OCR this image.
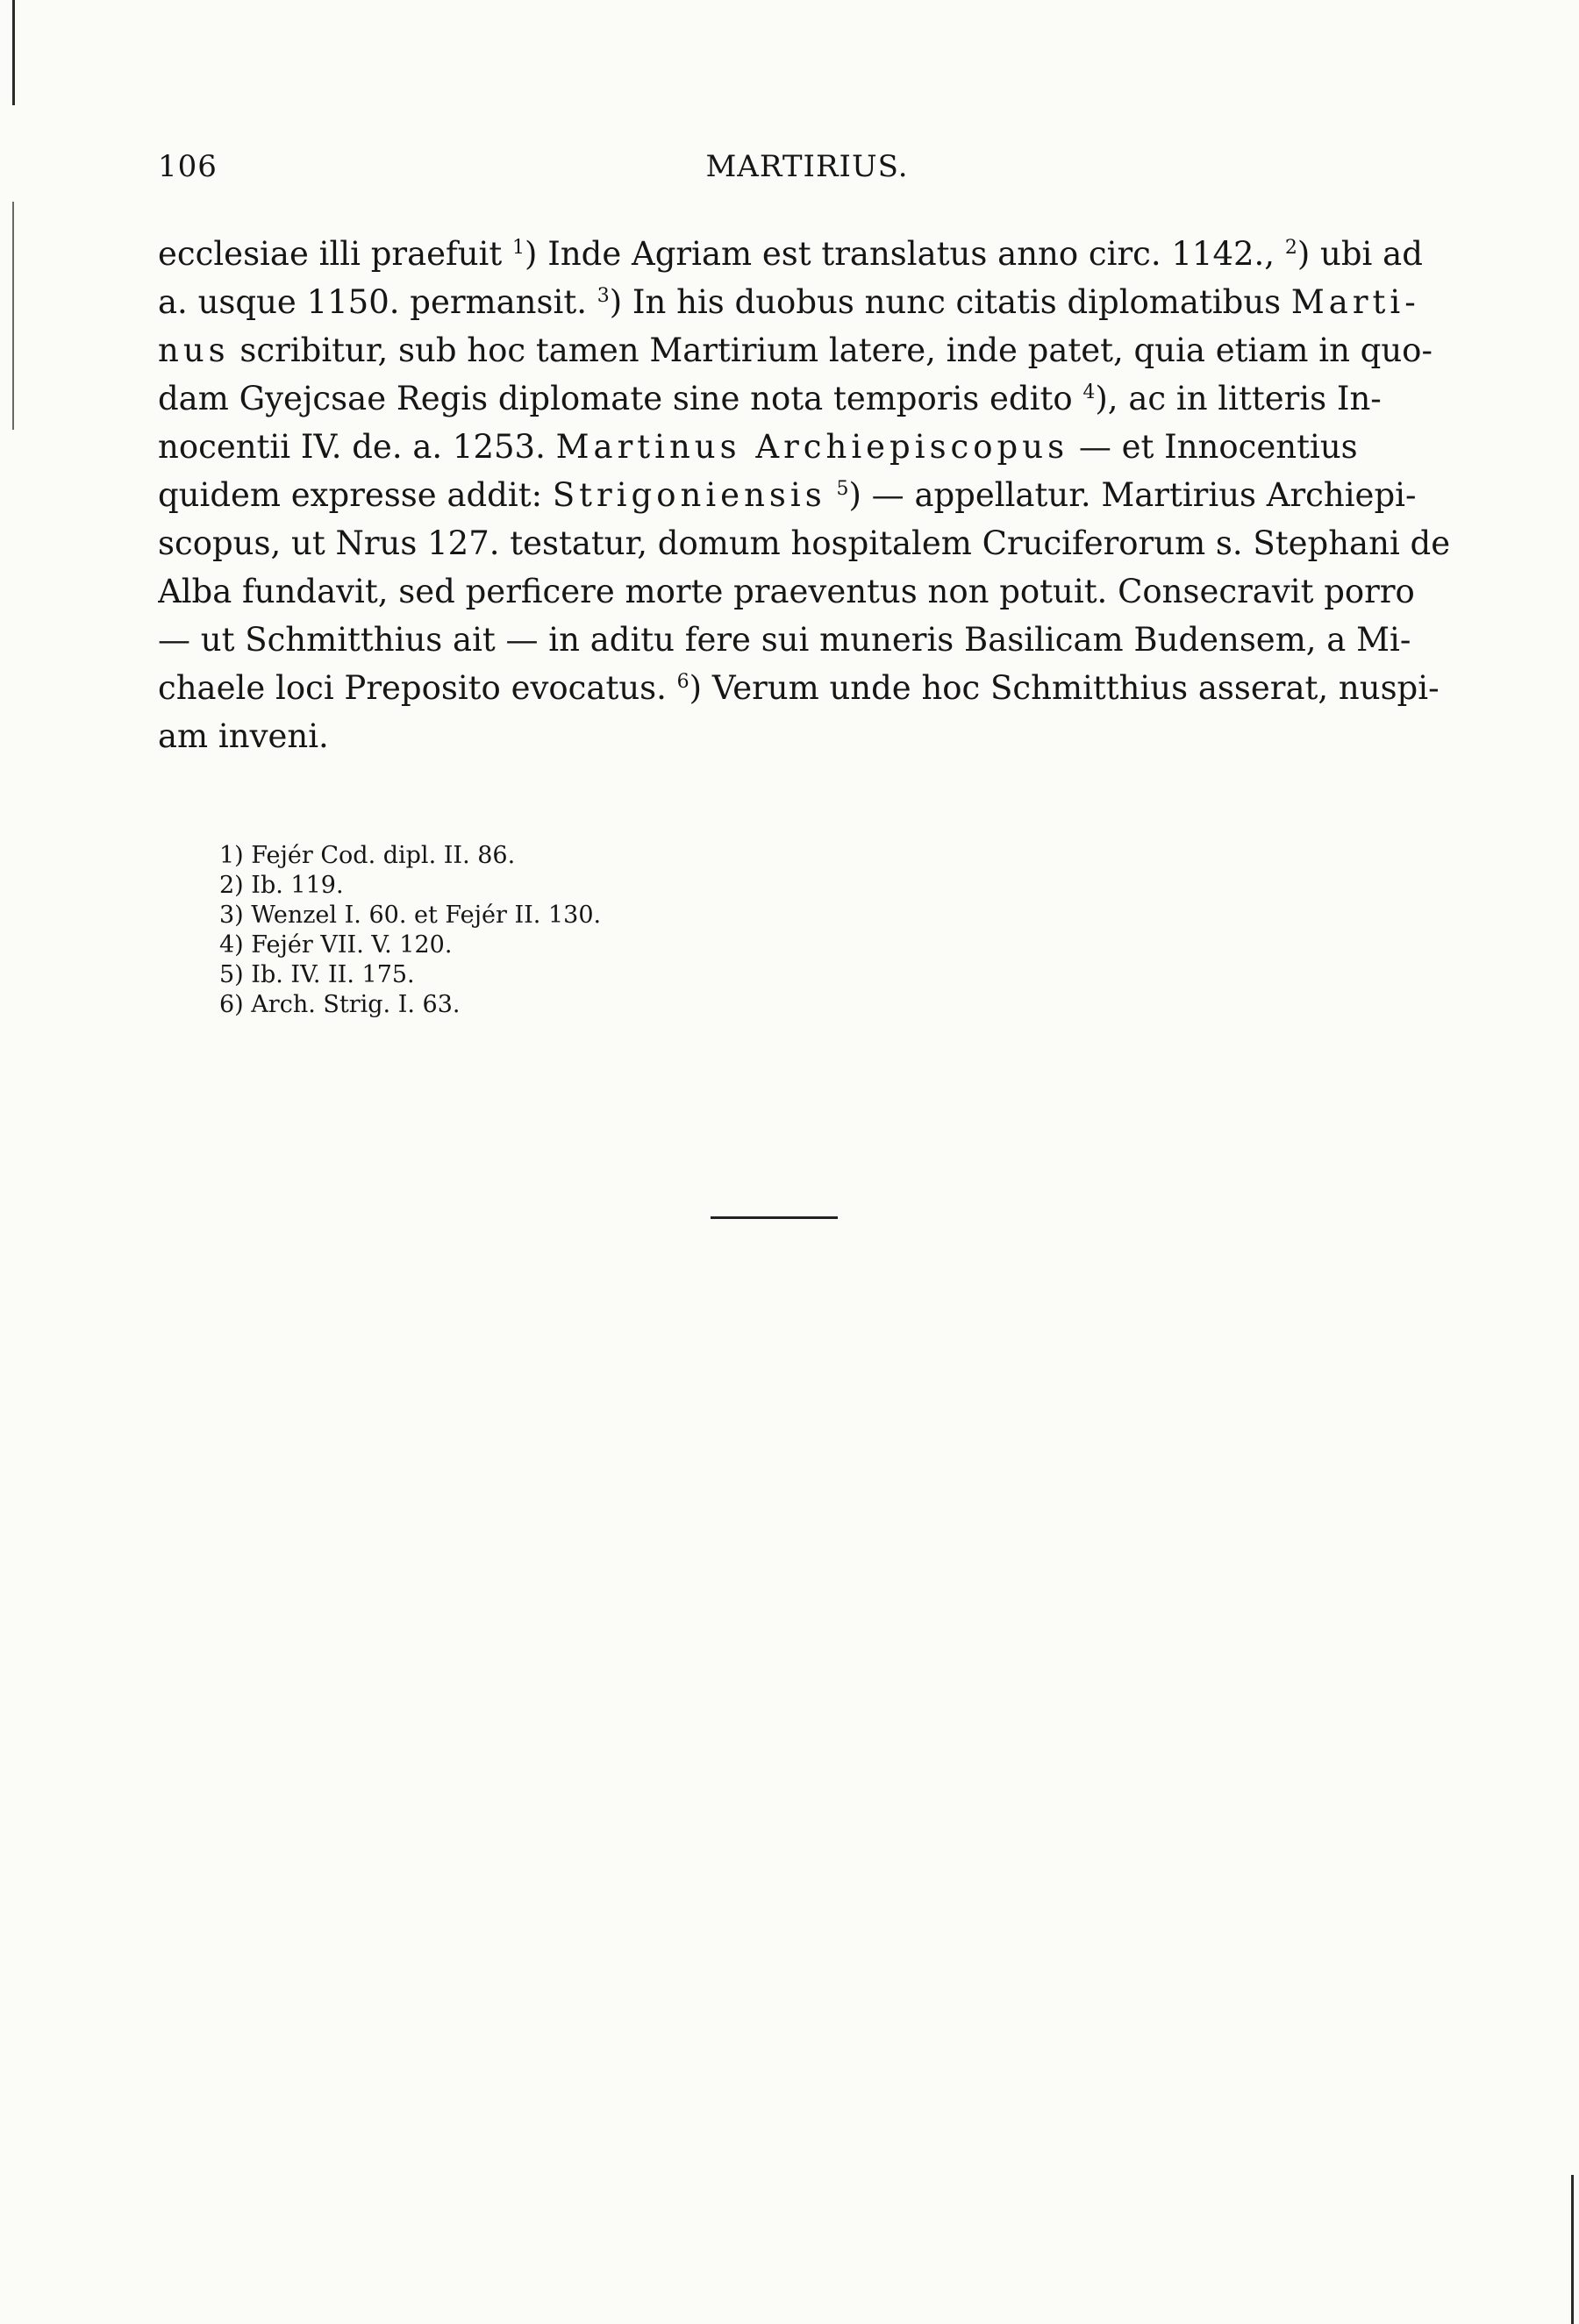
106	MARTIRIUS.
ecclesiae illi praefuit $^1$) Inde Agriam est translatus anno circ. 1142., $^2$) ubi ad
a. usque 1150. permansit. $^3$) In his duobus nunc citatis diplomatibus Marti-
nus scribitur, sub hoc tamen Martirium latere, inde patet, quia etiam in quo-
dam Gyejcsae Regis diplomate sine nota temporis edito $^4$), ac in litteris In-
nocentii IV. de. a. 1253. Martinus Archiepiscopus — et Innocentius
quidem expresse addit: Strigoniensis $^5$) — appellatur. Martirius Archiepi-
scopus, ut Nrus 127. testatur, domum hospitalem Cruciferorum s. Stephani de
Alba fundavit, sed perficere morte praeventus non potuit. Consecravit porro
— ut Schmitthius ait — in aditu fere sui muneris Basilicam Budensem, a Mi-
chaele loci Preposito evocatus. $^6$) Verum unde hoc Schmitthius asserat, nuspi-
am inveni.
1) Fejér Cod. dipl. II. 86.
2) Ib. 119.
3) Wenzel I. 60. et Fejér II. 130.
4) Fejér VII. V. 120.
5) Ib. IV. II. 175.
6) Arch. Strig. I. 63.
